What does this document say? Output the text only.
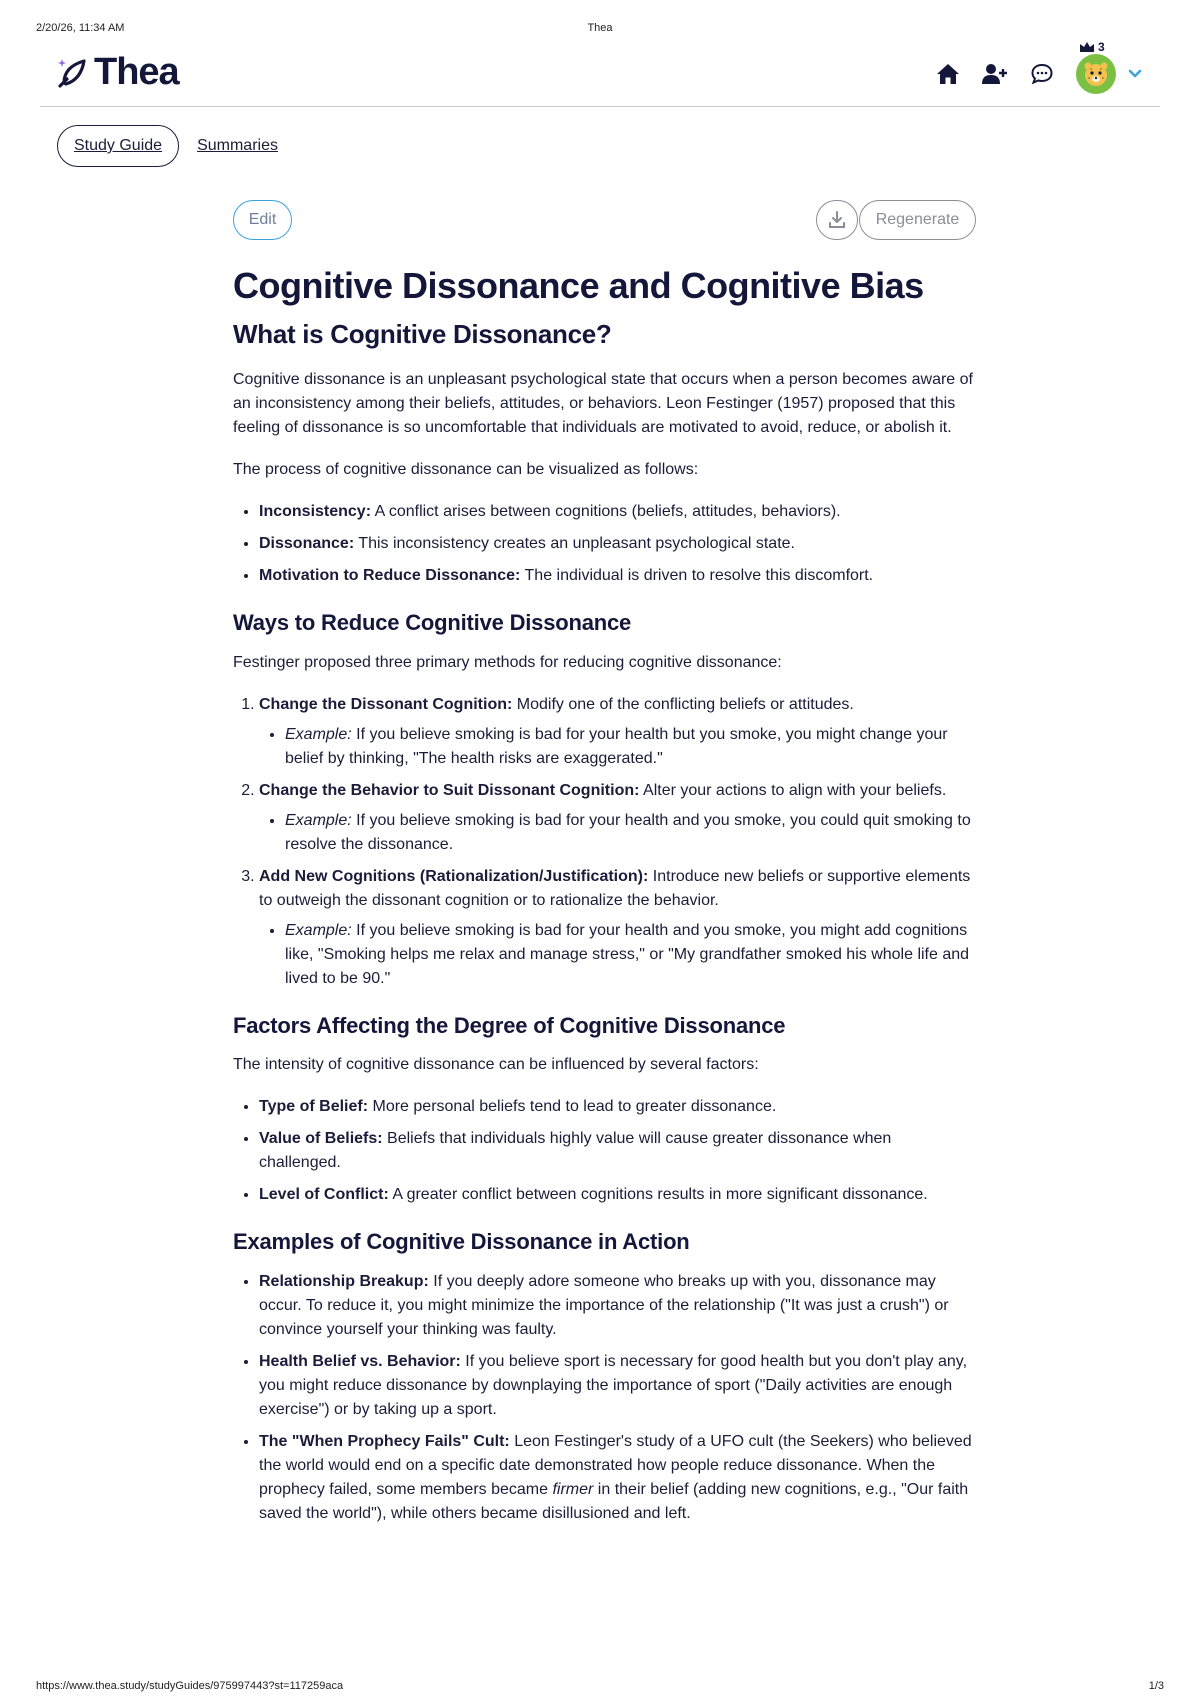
2/20/26, 11:34 AM	Thea
Thea
3
Study Guide	Summaries
Edit	Regenerate
Cognitive Dissonance and Cognitive Bias
What is Cognitive Dissonance?

Cognitive dissonance is an unpleasant psychological state that occurs when a person becomes aware of an inconsistency among their beliefs, attitudes, or behaviors. Leon Festinger (1957) proposed that this feeling of dissonance is so uncomfortable that individuals are motivated to avoid, reduce, or abolish it.

The process of cognitive dissonance can be visualized as follows:

• Inconsistency: A conflict arises between cognitions (beliefs, attitudes, behaviors).
• Dissonance: This inconsistency creates an unpleasant psychological state.
• Motivation to Reduce Dissonance: The individual is driven to resolve this discomfort.
Ways to Reduce Cognitive Dissonance

Festinger proposed three primary methods for reducing cognitive dissonance:

1. Change the Dissonant Cognition: Modify one of the conflicting beliefs or attitudes.
• Example: If you believe smoking is bad for your health but you smoke, you might change your belief by thinking, "The health risks are exaggerated."
2. Change the Behavior to Suit Dissonant Cognition: Alter your actions to align with your beliefs.
• Example: If you believe smoking is bad for your health and you smoke, you could quit smoking to resolve the dissonance.
3. Add New Cognitions (Rationalization/Justification): Introduce new beliefs or supportive elements to outweigh the dissonant cognition or to rationalize the behavior.
• Example: If you believe smoking is bad for your health and you smoke, you might add cognitions like, "Smoking helps me relax and manage stress," or "My grandfather smoked his whole life and lived to be 90."
Factors Affecting the Degree of Cognitive Dissonance

The intensity of cognitive dissonance can be influenced by several factors:

• Type of Belief: More personal beliefs tend to lead to greater dissonance.
• Value of Beliefs: Beliefs that individuals highly value will cause greater dissonance when challenged.
• Level of Conflict: A greater conflict between cognitions results in more significant dissonance.
Examples of Cognitive Dissonance in Action
• Relationship Breakup: If you deeply adore someone who breaks up with you, dissonance may occur. To reduce it, you might minimize the importance of the relationship ("It was just a crush") or convince yourself your thinking was faulty.
• Health Belief vs. Behavior: If you believe sport is necessary for good health but you don't play any, you might reduce dissonance by downplaying the importance of sport ("Daily activities are enough exercise") or by taking up a sport.
• The "When Prophecy Fails" Cult: Leon Festinger's study of a UFO cult (the Seekers) who believed the world would end on a specific date demonstrated how people reduce dissonance. When the prophecy failed, some members became firmer in their belief (adding new cognitions, e.g., "Our faith saved the world"), while others became disillusioned and left.
https://www.thea.study/studyGuides/975997443?st=117259aca	1/3
